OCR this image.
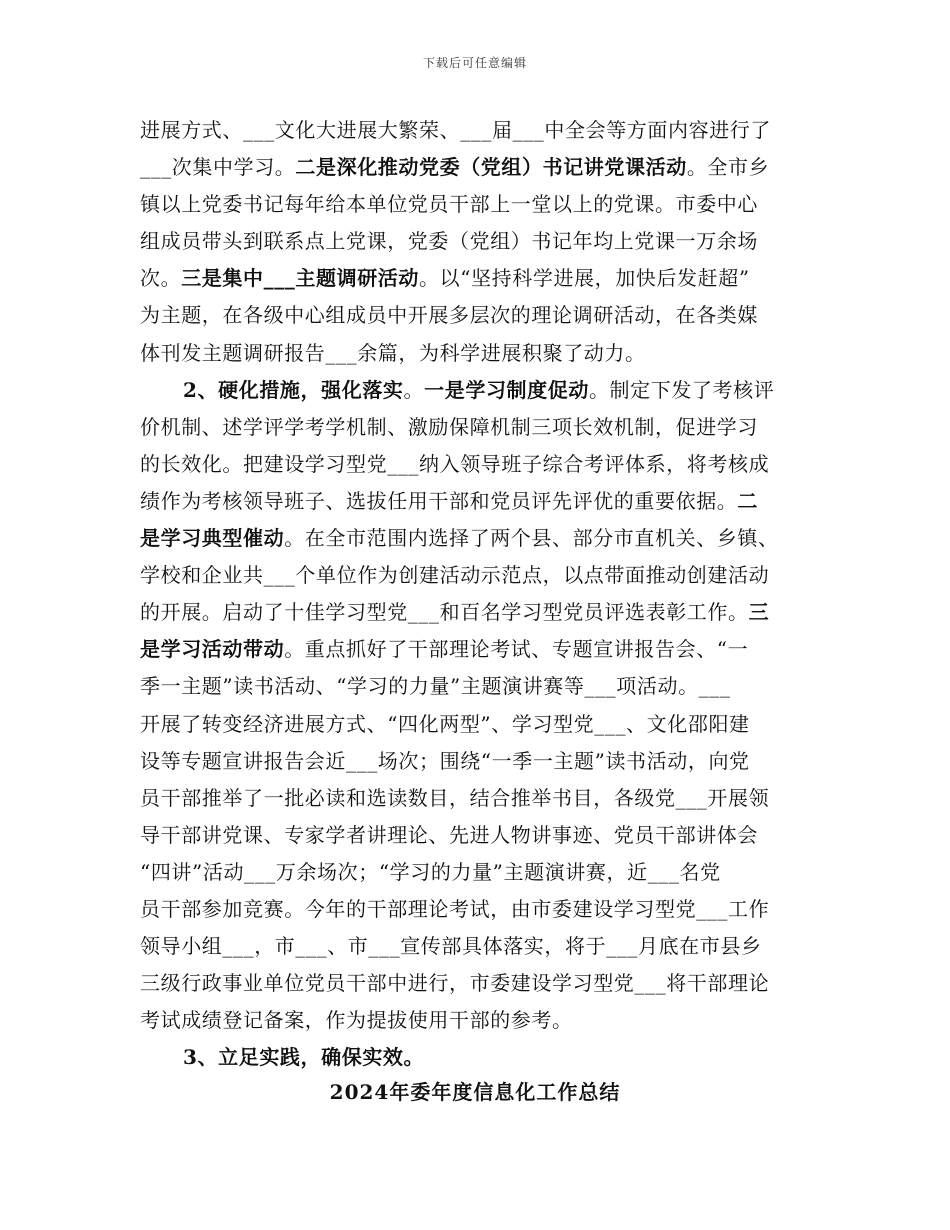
下载后可任意编辑
进展方式、___文化大进展大繁荣、___届___中全会等方面内容进行了
___次集中学习。二是深化推动党委（党组）书记讲党课活动。全市乡
镇以上党委书记每年给本单位党员干部上一堂以上的党课。市委中心
组成员带头到联系点上党课，党委（党组）书记年均上党课一万余场
次。三是集中___主题调研活动。以“坚持科学进展，加快后发赶超”
为主题，在各级中心组成员中开展多层次的理论调研活动，在各类媒
体刊发主题调研报告___余篇，为科学进展积聚了动力。
2、硬化措施，强化落实。一是学习制度促动。制定下发了考核评
价机制、述学评学考学机制、激励保障机制三项长效机制，促进学习
的长效化。把建设学习型党___纳入领导班子综合考评体系，将考核成
绩作为考核领导班子、选拔任用干部和党员评先评优的重要依据。二
是学习典型催动。在全市范围内选择了两个县、部分市直机关、乡镇、
学校和企业共___个单位作为创建活动示范点，以点带面推动创建活动
的开展。启动了十佳学习型党___和百名学习型党员评选表彰工作。三
是学习活动带动。重点抓好了干部理论考试、专题宣讲报告会、“一
季一主题”读书活动、“学习的力量”主题演讲赛等___项活动。___
开展了转变经济进展方式、“四化两型”、学习型党___、文化邵阳建
设等专题宣讲报告会近___场次；围绕“一季一主题”读书活动，向党
员干部推举了一批必读和选读数目，结合推举书目，各级党___开展领
导干部讲党课、专家学者讲理论、先进人物讲事迹、党员干部讲体会
“四讲”活动___万余场次；“学习的力量”主题演讲赛，近___名党
员干部参加竞赛。今年的干部理论考试，由市委建设学习型党___工作
领导小组___，市___、市___宣传部具体落实，将于___月底在市县乡
三级行政事业单位党员干部中进行，市委建设学习型党___将干部理论
考试成绩登记备案，作为提拔使用干部的参考。
3、立足实践，确保实效。
2024年委年度信息化工作总结
